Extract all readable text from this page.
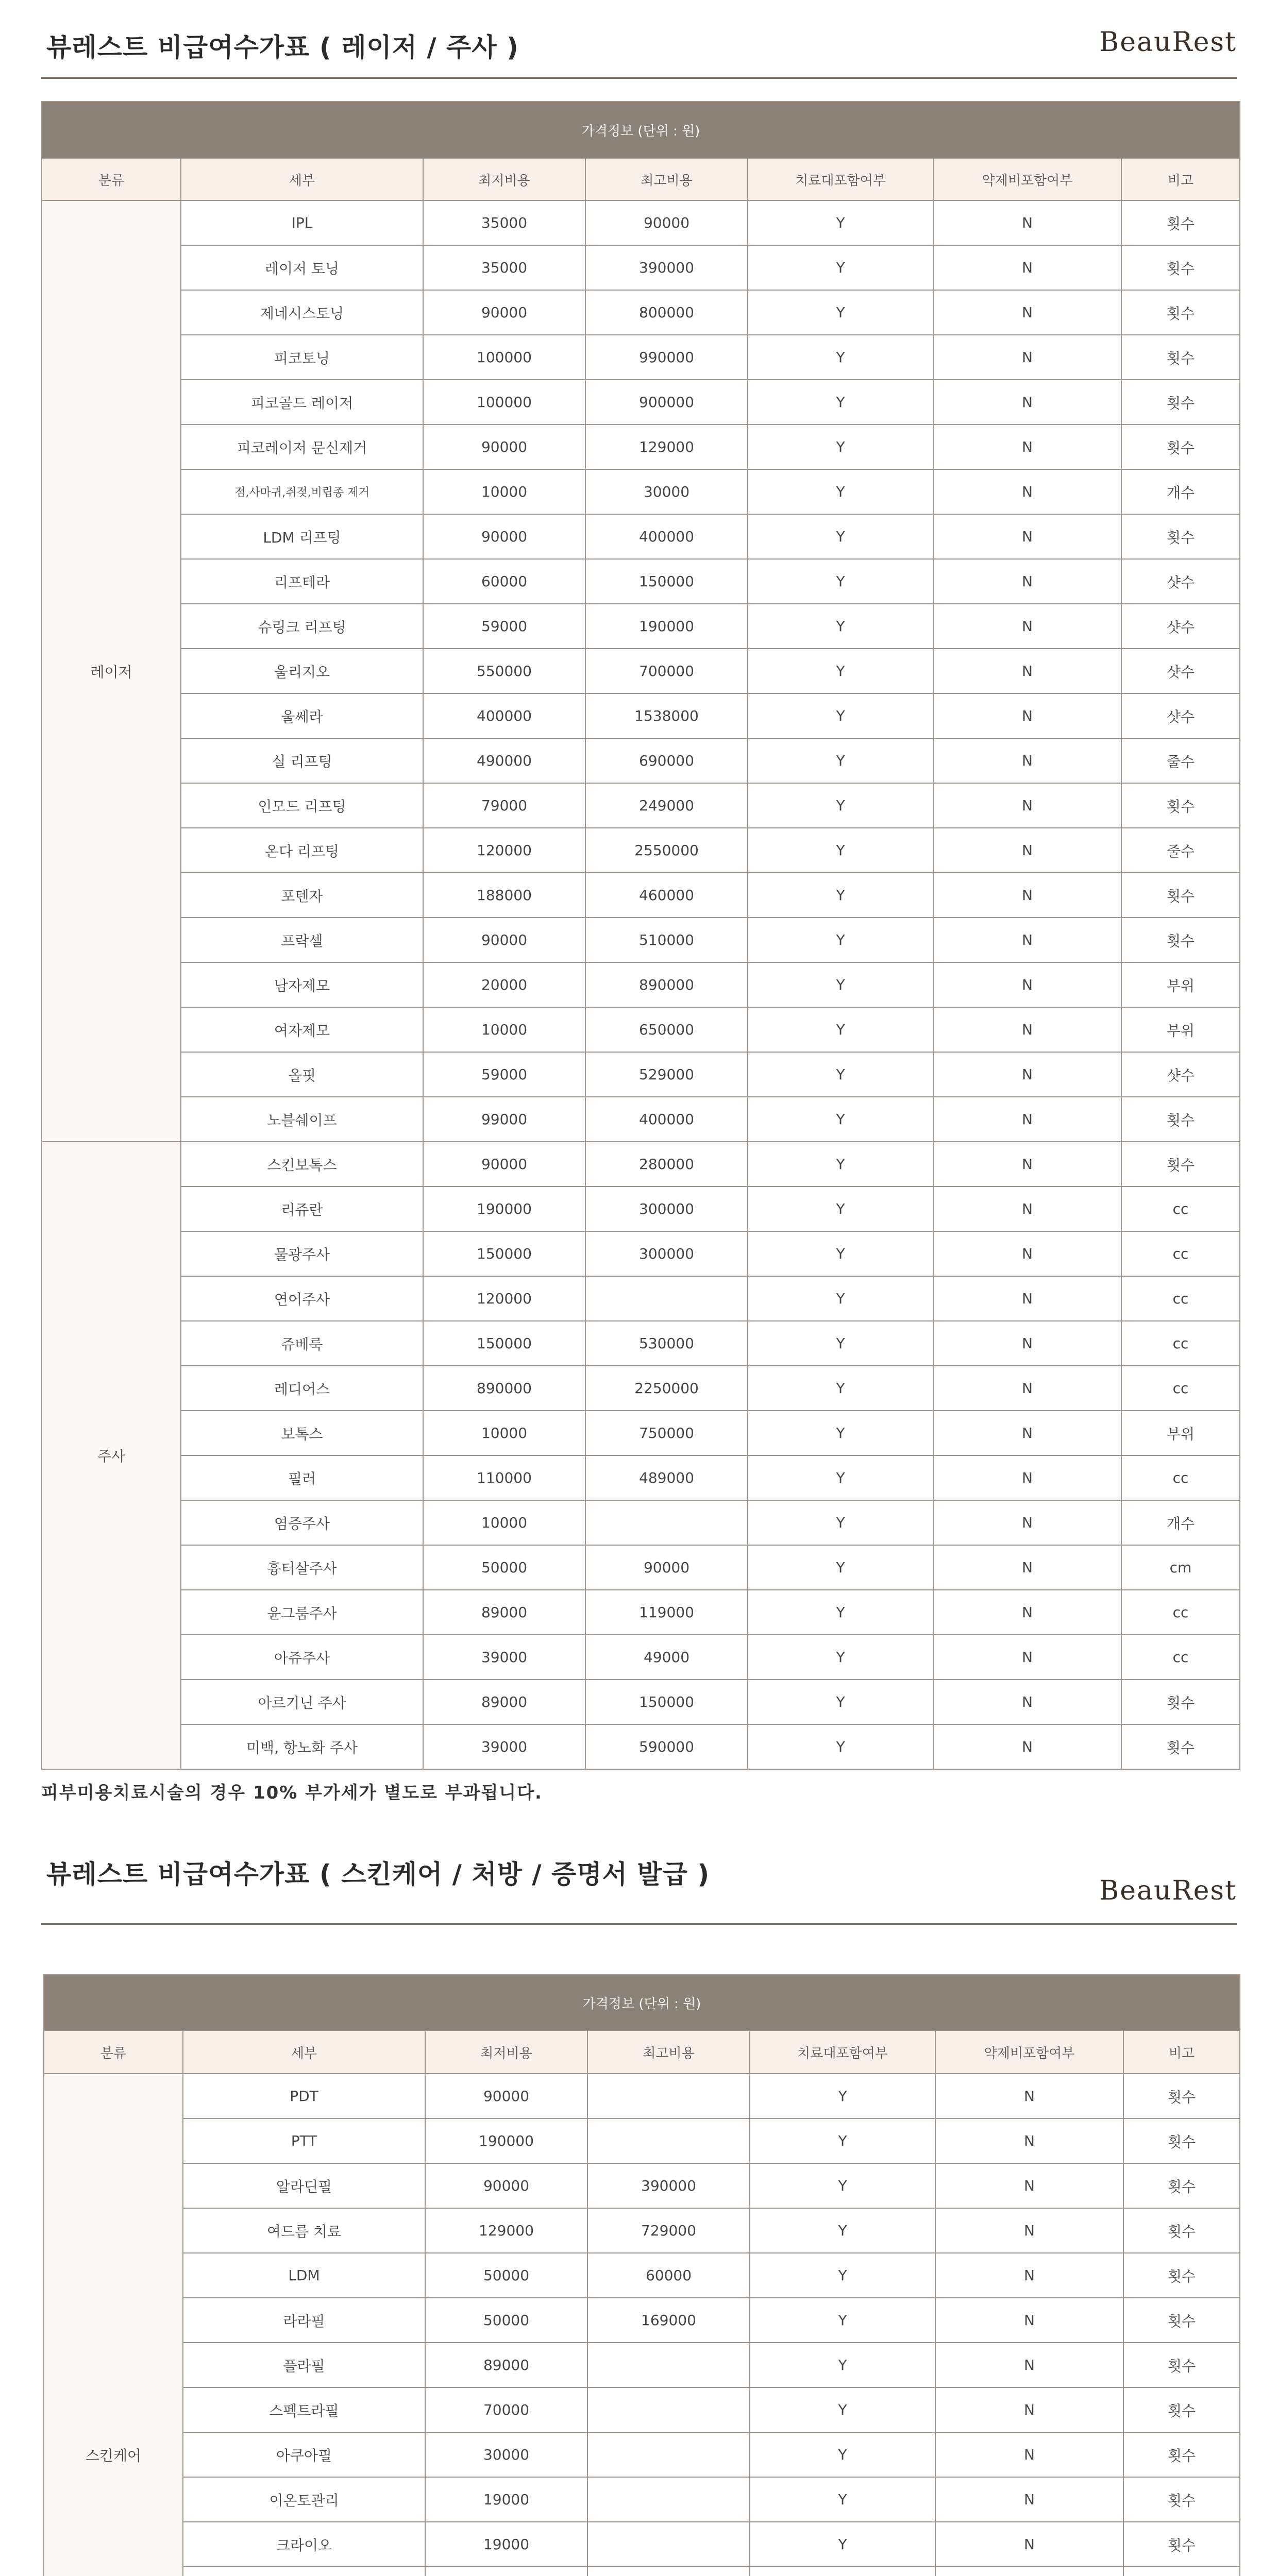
뷰레스트 비급여수가표 ( 레이저 / 주사 )	BeauRest
가격정보 (단위 : 원)						
분류	세부	최저비용	최고비용	치료대포함여부	약제비포함여부	비고
레이저	IPL	35000	90000	Y	N	횟수
	레이저 토닝	35000	390000	Y	N	횟수
	제네시스토닝	90000	800000	Y	N	횟수
	피코토닝	100000	990000	Y	N	횟수
	피코골드 레이저	100000	900000	Y	N	횟수
	피코레이저 문신제거	90000	129000	Y	N	횟수
	점,사마귀,쥐젖,비립종 제거	10000	30000	Y	N	개수
	LDM 리프팅	90000	400000	Y	N	횟수
	리프테라	60000	150000	Y	N	샷수
	슈링크 리프팅	59000	190000	Y	N	샷수
	울리지오	550000	700000	Y	N	샷수
	울쎄라	400000	1538000	Y	N	샷수
	실 리프팅	490000	690000	Y	N	줄수
	인모드 리프팅	79000	249000	Y	N	횟수
	온다 리프팅	120000	2550000	Y	N	줄수
	포텐자	188000	460000	Y	N	횟수
	프락셀	90000	510000	Y	N	횟수
	남자제모	20000	890000	Y	N	부위
	여자제모	10000	650000	Y	N	부위
	올핏	59000	529000	Y	N	샷수
	노블쉐이프	99000	400000	Y	N	횟수
주사	스킨보톡스	90000	280000	Y	N	횟수
	리쥬란	190000	300000	Y	N	cc
	물광주사	150000	300000	Y	N	cc
	연어주사	120000		Y	N	cc
	쥬베룩	150000	530000	Y	N	cc
	레디어스	890000	2250000	Y	N	cc
	보톡스	10000	750000	Y	N	부위
	필러	110000	489000	Y	N	cc
	염증주사	10000		Y	N	개수
	흉터살주사	50000	90000	Y	N	cm
	윤그룸주사	89000	119000	Y	N	cc
	아쥬주사	39000	49000	Y	N	cc
	아르기닌 주사	89000	150000	Y	N	횟수
	미백, 항노화 주사	39000	590000	Y	N	횟수
피부미용치료시술의 경우 10% 부가세가 별도로 부과됩니다.
뷰레스트 비급여수가표 ( 스킨케어 / 처방 / 증명서 발급 )
BeauRest
가격정보 (단위 : 원)						
분류	세부	최저비용	최고비용	치료대포함여부	약제비포함여부	비고
스킨케어	PDT	90000		Y	N	횟수
	PTT	190000		Y	N	횟수
	알라딘필	90000	390000	Y	N	횟수
	여드름 치료	129000	729000	Y	N	횟수
	LDM	50000	60000	Y	N	횟수
	라라필	50000	169000	Y	N	횟수
	플라필	89000		Y	N	횟수
	스펙트라필	70000		Y	N	횟수
	아쿠아필	30000		Y	N	횟수
	이온토관리	19000		Y	N	횟수
	크라이오	19000		Y	N	횟수
